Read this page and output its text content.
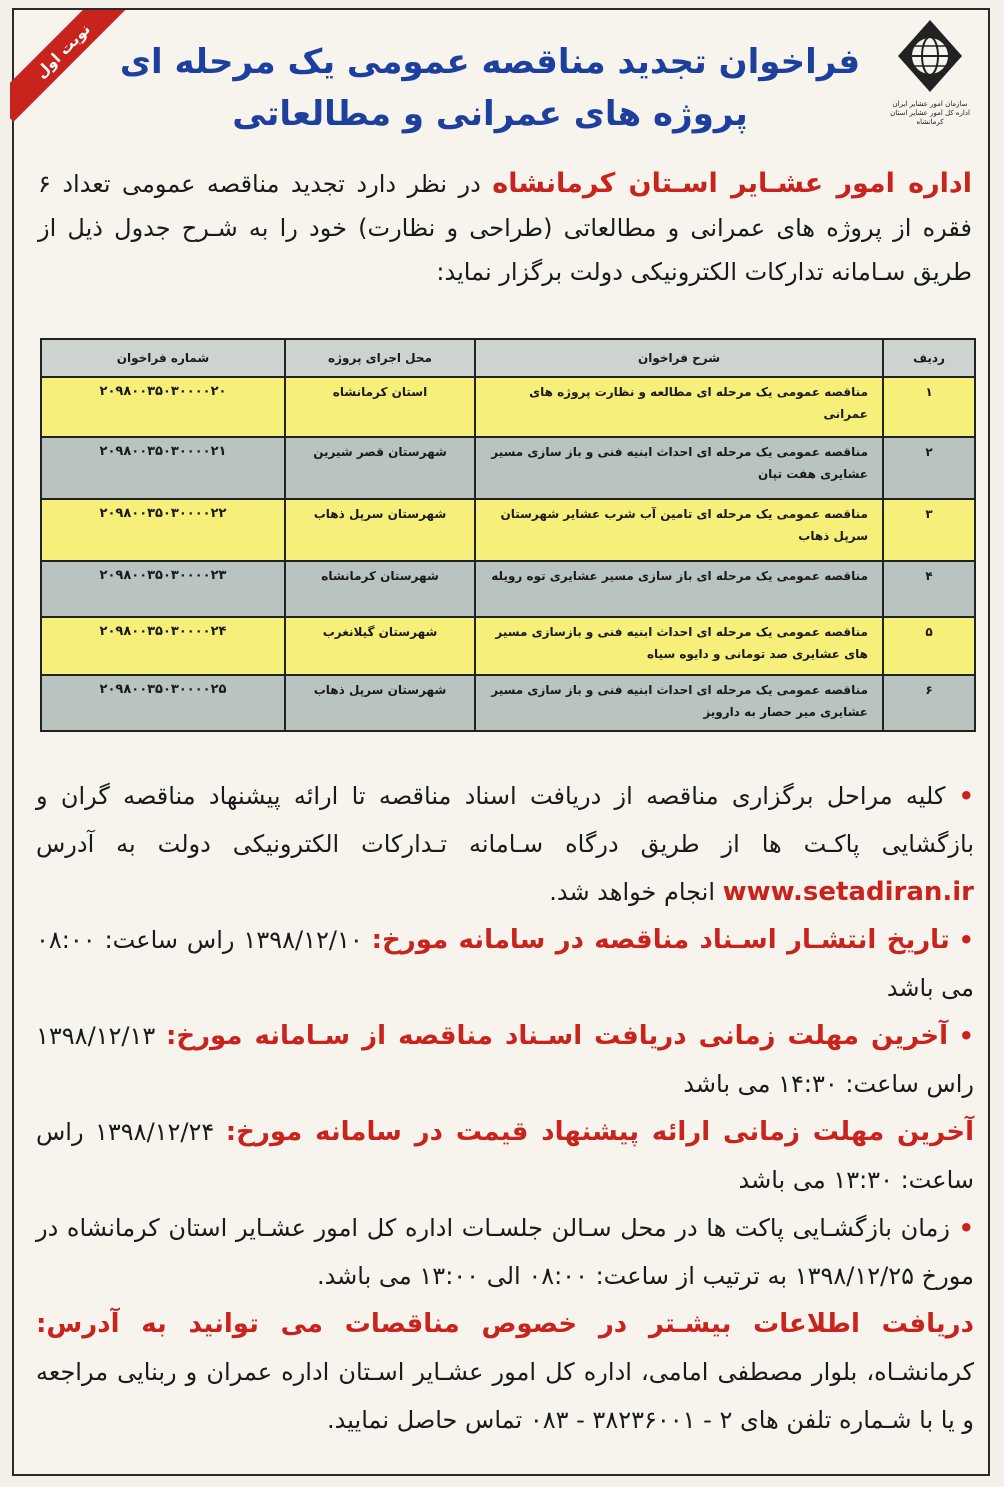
نوبت اول
سازمان امور عشایر ایران
اداره کل امور عشایر استان کرمانشاه
فراخوان تجدید مناقصه عمومی یک مرحله ای
پروژه های عمرانی و مطالعاتی

اداره امور عشـایر اسـتان کرمانشاه در نظر دارد تجدید مناقصه عمومی تعداد ۶ فقره از پروژه های عمرانی و مطالعاتی (طراحی و نظارت) خود را به شـرح جدول ذیل از طریق سـامانه تدارکات الکترونیکی دولت برگزار نماید:

ردیف	شرح فراخوان	محل اجرای پروژه	شماره فراخوان
۱	مناقصه عمومی یک مرحله ای مطالعه و نظارت پروژه های عمرانی	استان کرمانشاه	۲۰۹۸۰۰۳۵۰۳۰۰۰۰۲۰
۲	مناقصه عمومی یک مرحله ای احداث ابنیه فنی و باز سازی مسیر عشایری هفت تپان	شهرستان قصر شیرین	۲۰۹۸۰۰۳۵۰۳۰۰۰۰۲۱
۳	مناقصه عمومی یک مرحله ای تامین آب شرب عشایر شهرستان سرپل ذهاب	شهرستان سرپل ذهاب	۲۰۹۸۰۰۳۵۰۳۰۰۰۰۲۲
۴	مناقصه عمومی یک مرحله ای باز سازی مسیر عشایری توه رویله	شهرستان کرمانشاه	۲۰۹۸۰۰۳۵۰۳۰۰۰۰۲۳
۵	مناقصه عمومی یک مرحله ای احداث ابنیه فنی و بازسازی مسیر های عشایری صد تومانی و دایوه سیاه	شهرستان گیلانغرب	۲۰۹۸۰۰۳۵۰۳۰۰۰۰۲۴
۶	مناقصه عمومی یک مرحله ای احداث ابنیه فنی و باز سازی مسیر عشایری میر حصار به دارویز	شهرستان سرپل ذهاب	۲۰۹۸۰۰۳۵۰۳۰۰۰۰۲۵

• کلیه مراحل برگزاری مناقصه از دریافت اسناد مناقصه تا ارائه پیشنهاد مناقصه گران و بازگشایی پاکـت ها از طریق درگاه سـامانه تـدارکات الکترونیکی دولت به آدرس www.setadiran.ir انجام خواهد شد.

• تاریخ انتشـار اسـناد مناقصه در سامانه مورخ: ۱۳۹۸/۱۲/۱۰ راس ساعت: ۰۸:۰۰ می باشد

• آخرین مهلت زمانی دریافت اسـناد مناقصه از سـامانه مورخ: ۱۳۹۸/۱۲/۱۳ راس ساعت: ۱۴:۳۰ می باشد

آخرین مهلت زمانی ارائه پیشنهاد قیمت در سامانه مورخ: ۱۳۹۸/۱۲/۲۴ راس ساعت: ۱۳:۳۰ می باشد

• زمان بازگشـایی پاکت ها در محل سـالن جلسـات اداره کل امور عشـایر استان کرمانشاه در مورخ ۱۳۹۸/۱۲/۲۵ به ترتیب از ساعت: ۰۸:۰۰ الی ۱۳:۰۰ می باشد.

دریافت اطلاعات بیشـتر در خصوص مناقصات می توانید به آدرس: کرمانشـاه، بلوار مصطفی امامی، اداره کل امور عشـایر اسـتان اداره عمران و ربنایی مراجعه و یا با شـماره تلفن های ۲ - ۳۸۲۳۶۰۰۱ - ۰۸۳ تماس حاصل نمایید.
